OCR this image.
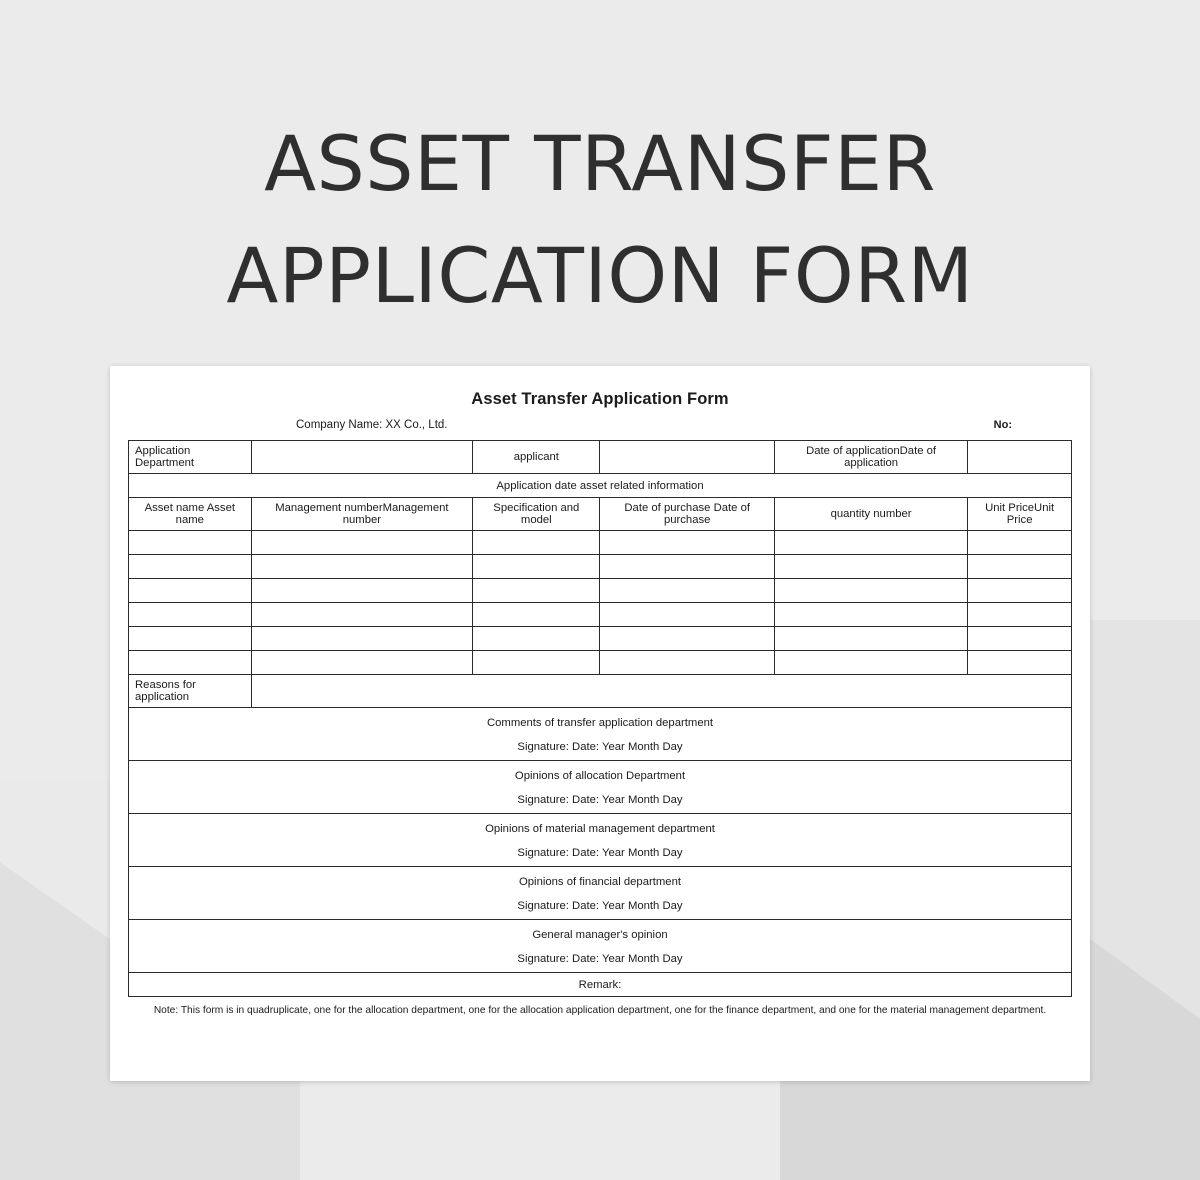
ASSET TRANSFER
APPLICATION FORM
Asset Transfer Application Form
Company Name: XX Co., Ltd.	No:
Application Department		applicant		Date of applicationDate of application	
Application date asset related information					
Asset name Asset name	Management numberManagement number	Specification and model	Date of purchase Date of purchase	quantity number	Unit PriceUnit Price

Reasons for application					

Comments of transfer application department
Signature: Date: Year Month Day					

Opinions of allocation Department
Signature: Date: Year Month Day					

Opinions of material management department
Signature: Date: Year Month Day					

Opinions of financial department
Signature: Date: Year Month Day					

General manager's opinion
Signature: Date: Year Month Day					

Remark:					
Note: This form is in quadruplicate, one for the allocation department, one for the allocation application department, one for the finance department, and one for the material management department.
